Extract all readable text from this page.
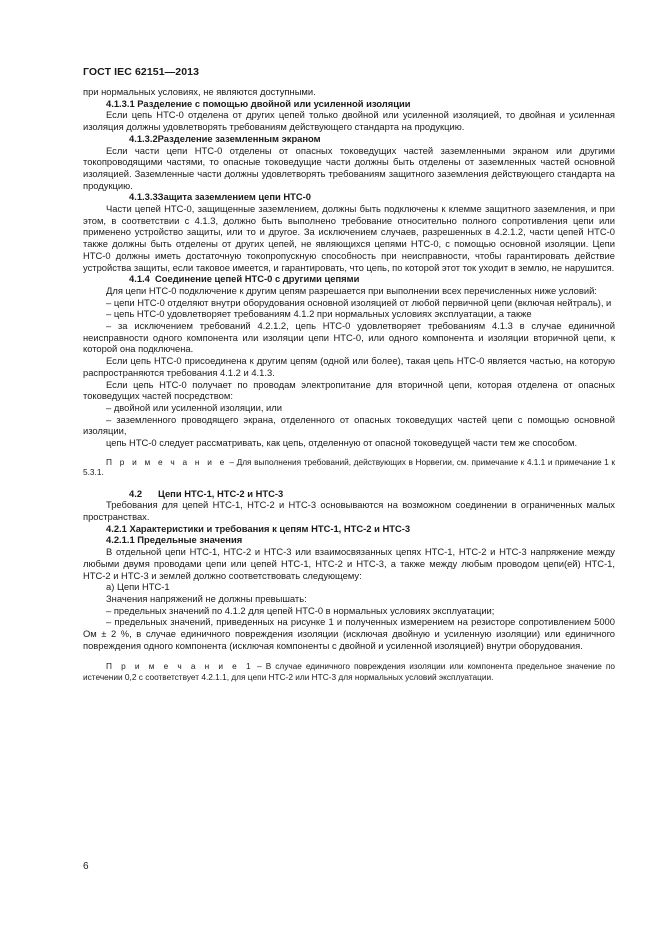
ГОСТ IEC 62151—2013

при нормальных условиях, не являются доступными.

4.1.3.1 Разделение с помощью двойной или усиленной изоляции

Если цепь НТС-0 отделена от других цепей только двойной или усиленной изоляцией, то двойная и усиленная изоляция должны удовлетворять требованиям действующего стандарта на продукцию.

4.1.3.2Разделение заземленным экраном

Если части цепи НТС-0 отделены от опасных токоведущих частей заземленными экраном или другими токопроводящими частями, то опасные токоведущие части должны быть отделены от заземленных частей основной изоляцией. Заземленные части должны удовлетворять требованиям защитного заземления действующего стандарта на продукцию.

4.1.3.3Защита заземлением цепи НТС-0

Части цепей НТС-0, защищенные заземлением, должны быть подключены к клемме защитного заземления, и при этом, в соответствии с 4.1.3, должно быть выполнено требование относительно полного сопротивления цепи или применено устройство защиты, или то и другое. За исключением случаев, разрешенных в 4.2.1.2, части цепей НТС-0 также должны быть отделены от других цепей, не являющихся цепями НТС-0, с помощью основной изоляции. Цепи НТС-0 должны иметь достаточную токопропускную способность при неисправности, чтобы гарантировать действие устройства защиты, если таковое имеется, и гарантировать, что цепь, по которой этот ток уходит в землю, не нарушится.

4.1.4 Соединение цепей НТС-0 с другими цепями

Для цепи НТС-0 подключение к другим цепям разрешается при выполнении всех перечисленных ниже условий:

– цепи НТС-0 отделяют внутри оборудования основной изоляцией от любой первичной цепи (включая нейтраль), и

– цепь НТС-0 удовлетворяет требованиям 4.1.2 при нормальных условиях эксплуатации, а также

– за исключением требований 4.2.1.2, цепь НТС-0 удовлетворяет требованиям 4.1.3 в случае единичной неисправности одного компонента или изоляции цепи НТС-0, или одного компонента и изоляции вторичной цепи, к которой она подключена.

Если цепь НТС-0 присоединена к другим цепям (одной или более), такая цепь НТС-0 является частью, на которую распространяются требования 4.1.2 и 4.1.3.

Если цепь НТС-0 получает по проводам электропитание для вторичной цепи, которая отделена от опасных токоведущих частей посредством:

– двойной или усиленной изоляции, или

– заземленного проводящего экрана, отделенного от опасных токоведущих частей цепи с помощью основной изоляции,

цепь НТС-0 следует рассматривать, как цепь, отделенную от опасной токоведущей части тем же способом.

П р и м е ч а н и е – Для выполнения требований, действующих в Норвегии, см. примечание к 4.1.1 и примечание 1 к 5.3.1.

4.2 Цепи НТС-1, НТС-2 и НТС-3

Требования для цепей НТС-1, НТС-2 и НТС-3 основываются на возможном соединении в ограниченных малых пространствах.

4.2.1 Характеристики и требования к цепям НТС-1, НТС-2 и НТС-3

4.2.1.1 Предельные значения

В отдельной цепи НТС-1, НТС-2 и НТС-3 или взаимосвязанных цепях НТС-1, НТС-2 и НТС-3 напряжение между любыми двумя проводами цепи или цепей НТС-1, НТС-2 и НТС-3, а также между любым проводом цепи(ей) НТС-1, НТС-2 и НТС-3 и землей должно соответствовать следующему:

а) Цепи НТС-1

Значения напряжений не должны превышать:

– предельных значений по 4.1.2 для цепей НТС-0 в нормальных условиях эксплуатации;

– предельных значений, приведенных на рисунке 1 и полученных измерением на резисторе сопротивлением 5000 Ом ± 2 %, в случае единичного повреждения изоляции (исключая двойную и усиленную изоляции) или единичного повреждения одного компонента (исключая компоненты с двойной и усиленной изоляцией) внутри оборудования.

П р и м е ч а н и е 1 – В случае единичного повреждения изоляции или компонента предельное значение по истечении 0,2 с соответствует 4.2.1.1, для цепи НТС-2 или НТС-3 для нормальных условий эксплуатации.

6
